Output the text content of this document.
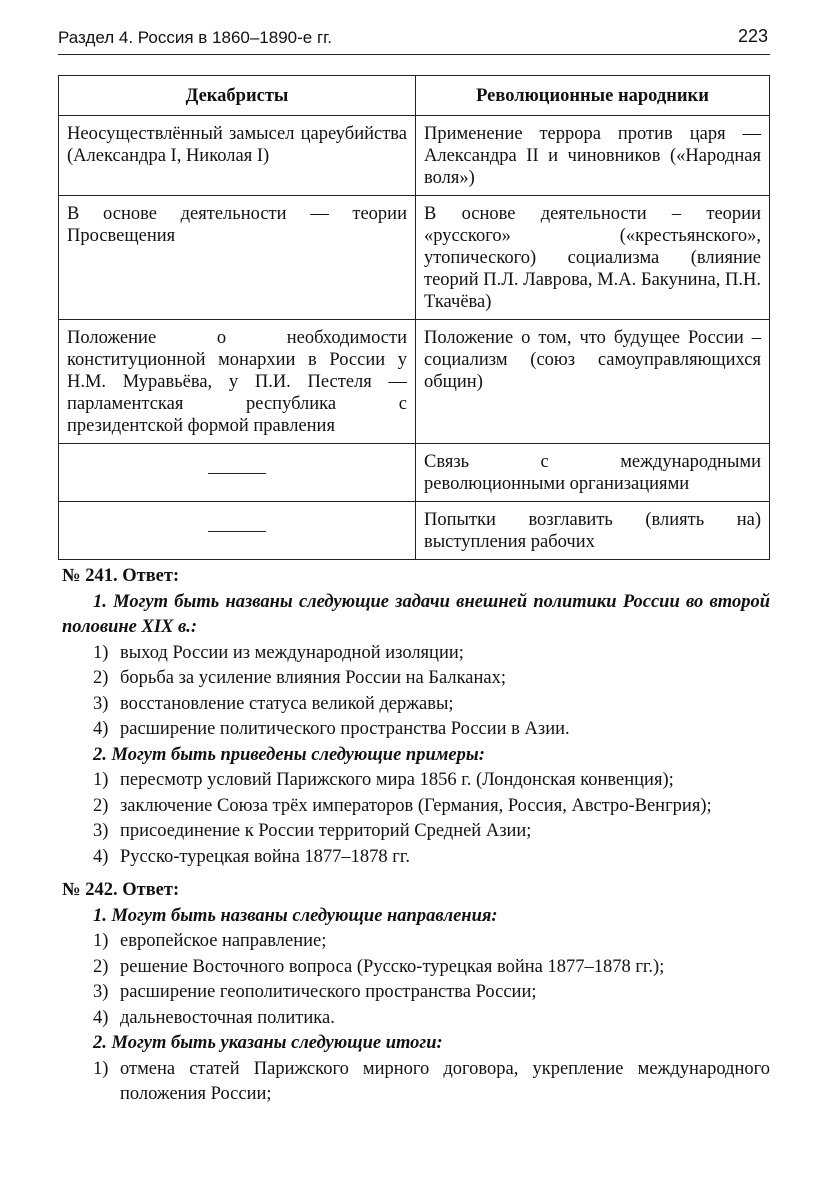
Раздел 4. Россия в 1860–1890-е гг.	223
Декабристы	Революционные народники
Неосуществлённый замысел цареубийства (Александра I, Николая I)	Применение террора против царя — Александра II и чиновников («Народная воля»)
В основе деятельности — теории Просвещения	В основе деятельности – теории «русского» («крестьянского», утопического) социализма (влияние теорий П.Л. Лаврова, М.А. Бакунина, П.Н. Ткачёва)
Положение о необходимости конституционной монархии в России у Н.М. Муравьёва, у П.И. Пестеля — парламентская республика с президентской формой правления	Положение о том, что будущее России – социализм (союз самоуправляющихся общин)
	Связь с международными революционными организациями
	Попытки возглавить (влиять на) выступления рабочих
№ 241. Ответ:
1. Могут быть названы следующие задачи внешней политики России во второй половине XIX в.:
1) выход России из международной изоляции;
2) борьба за усиление влияния России на Балканах;
3) восстановление статуса великой державы;
4) расширение политического пространства России в Азии.
2. Могут быть приведены следующие примеры:
1) пересмотр условий Парижского мира 1856 г. (Лондонская конвенция);
2) заключение Союза трёх императоров (Германия, Россия, Австро-Венгрия);
3) присоединение к России территорий Средней Азии;
4) Русско-турецкая война 1877–1878 гг.
№ 242. Ответ:
1. Могут быть названы следующие направления:
1) европейское направление;
2) решение Восточного вопроса (Русско-турецкая война 1877–1878 гг.);
3) расширение геополитического пространства России;
4) дальневосточная политика.
2. Могут быть указаны следующие итоги:
1) отмена статей Парижского мирного договора, укрепление международного положения России;
